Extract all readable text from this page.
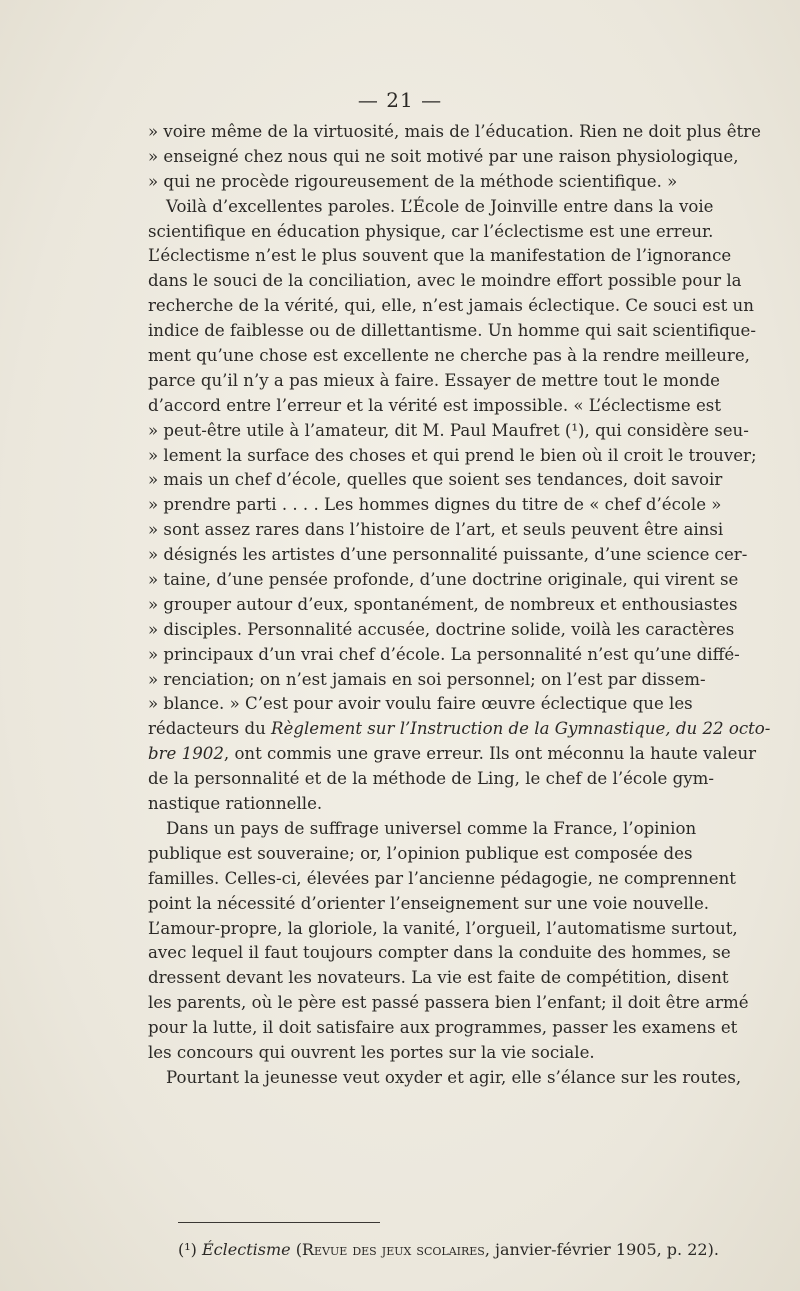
— 21 —
» voire même de la virtuosité, mais de l’éducation. Rien ne doit plus être
» enseigné chez nous qui ne soit motivé par une raison physiologique,
» qui ne procède rigoureusement de la méthode scientifique. »
Voilà d’excellentes paroles. L’École de Joinville entre dans la voie
scientifique en éducation physique, car l’éclectisme est une erreur.
L’éclectisme n’est le plus souvent que la manifestation de l’ignorance
dans le souci de la conciliation, avec le moindre effort possible pour la
recherche de la vérité, qui, elle, n’est jamais éclectique. Ce souci est un
indice de faiblesse ou de dillettantisme. Un homme qui sait scientifique-
ment qu’une chose est excellente ne cherche pas à la rendre meilleure,
parce qu’il n’y a pas mieux à faire. Essayer de mettre tout le monde
d’accord entre l’erreur et la vérité est impossible. « L’éclectisme est
» peut-être utile à l’amateur, dit M. Paul Maufret (¹), qui considère seu-
» lement la surface des choses et qui prend le bien où il croit le trouver;
» mais un chef d’école, quelles que soient ses tendances, doit savoir
» prendre parti . . . . Les hommes dignes du titre de « chef d’école »
» sont assez rares dans l’histoire de l’art, et seuls peuvent être ainsi
» désignés les artistes d’une personnalité puissante, d’une science cer-
» taine, d’une pensée profonde, d’une doctrine originale, qui virent se
» grouper autour d’eux, spontanément, de nombreux et enthousiastes
» disciples. Personnalité accusée, doctrine solide, voilà les caractères
» principaux d’un vrai chef d’école. La personnalité n’est qu’une diffé-
» renciation; on n’est jamais en soi personnel; on l’est par dissem-
» blance. » C’est pour avoir voulu faire œuvre éclectique que les
rédacteurs du Règlement sur l’Instruction de la Gymnastique, du 22 octo-
bre 1902, ont commis une grave erreur. Ils ont méconnu la haute valeur
de la personnalité et de la méthode de Ling, le chef de l’école gym-
nastique rationnelle.
Dans un pays de suffrage universel comme la France, l’opinion
publique est souveraine; or, l’opinion publique est composée des
familles. Celles-ci, élevées par l’ancienne pédagogie, ne comprennent
point la nécessité d’orienter l’enseignement sur une voie nouvelle.
L’amour-propre, la gloriole, la vanité, l’orgueil, l’automatisme surtout,
avec lequel il faut toujours compter dans la conduite des hommes, se
dressent devant les novateurs. La vie est faite de compétition, disent
les parents, où le père est passé passera bien l’enfant; il doit être armé
pour la lutte, il doit satisfaire aux programmes, passer les examens et
les concours qui ouvrent les portes sur la vie sociale.
Pourtant la jeunesse veut oxyder et agir, elle s’élance sur les routes,
(¹) Éclectisme (Revue des jeux scolaires, janvier-février 1905, p. 22).
